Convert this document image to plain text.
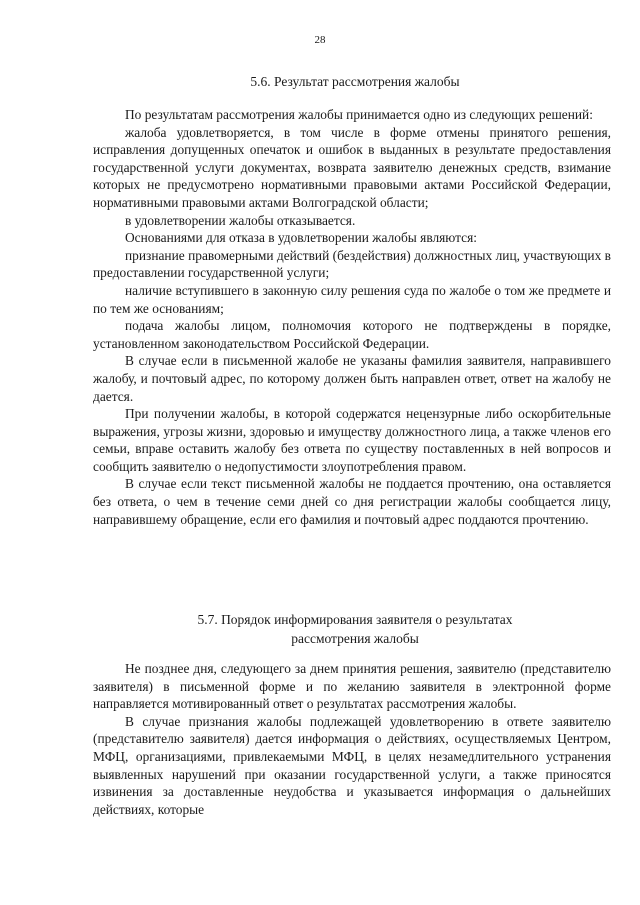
28
5.6. Результат рассмотрения жалобы

По результатам рассмотрения жалобы принимается одно из следующих решений:

жалоба удовлетворяется, в том числе в форме отмены принятого решения, исправления допущенных опечаток и ошибок в выданных в результате предоставления государственной услуги документах, возврата заявителю денежных средств, взимание которых не предусмотрено нормативными правовыми актами Российской Федерации, нормативными правовыми актами Волгоградской области;

в удовлетворении жалобы отказывается.

Основаниями для отказа в удовлетворении жалобы являются:

признание правомерными действий (бездействия) должностных лиц, участвующих в предоставлении государственной услуги;

наличие вступившего в законную силу решения суда по жалобе о том же предмете и по тем же основаниям;

подача жалобы лицом, полномочия которого не подтверждены в порядке, установленном законодательством Российской Федерации.

В случае если в письменной жалобе не указаны фамилия заявителя, направившего жалобу, и почтовый адрес, по которому должен быть направлен ответ, ответ на жалобу не дается.

При получении жалобы, в которой содержатся нецензурные либо оскорбительные выражения, угрозы жизни, здоровью и имуществу должностного лица, а также членов его семьи, вправе оставить жалобу без ответа по существу поставленных в ней вопросов и сообщить заявителю о недопустимости злоупотребления правом.

В случае если текст письменной жалобы не поддается прочтению, она оставляется без ответа, о чем в течение семи дней со дня регистрации жалобы сообщается лицу, направившему обращение, если его фамилия и почтовый адрес поддаются прочтению.

5.7. Порядок информирования заявителя о результатах
рассмотрения жалобы

Не позднее дня, следующего за днем принятия решения, заявителю (представителю заявителя) в письменной форме и по желанию заявителя в электронной форме направляется мотивированный ответ о результатах рассмотрения жалобы.

В случае признания жалобы подлежащей удовлетворению в ответе заявителю (представителю заявителя) дается информация о действиях, осуществляемых Центром, МФЦ, организациями, привлекаемыми МФЦ, в целях незамедлительного устранения выявленных нарушений при оказании государственной услуги, а также приносятся извинения за доставленные неудобства и указывается информация о дальнейших действиях, которые
